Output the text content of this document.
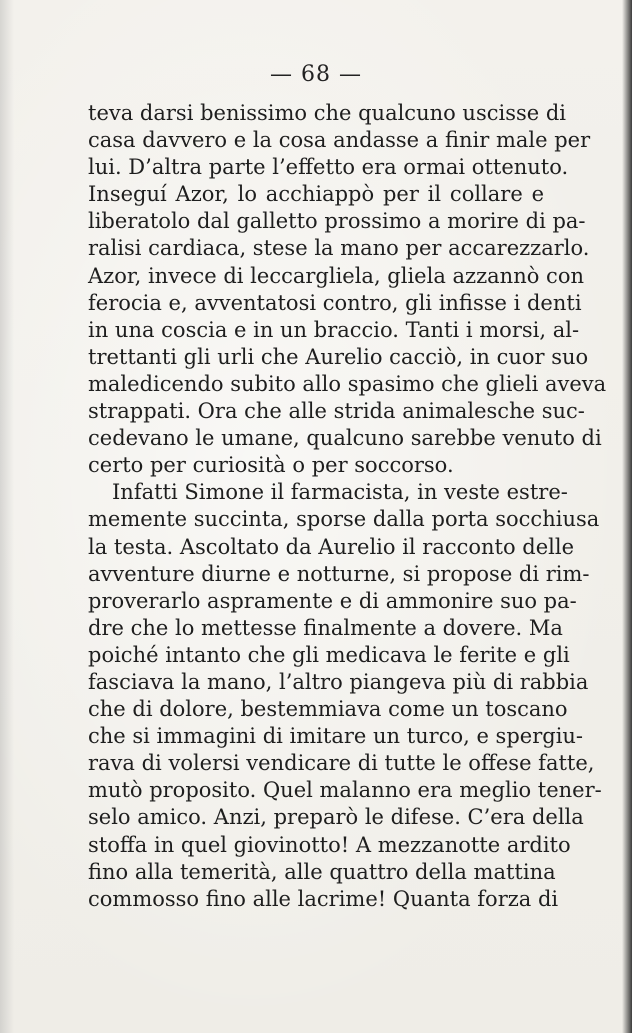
— 68 —
teva darsi benissimo che qualcuno uscisse di
casa davvero e la cosa andasse a finir male per
lui. D’altra parte l’effetto era ormai ottenuto.
Inseguí Azor, lo acchiappò per il collare e
liberatolo dal galletto prossimo a morire di pa-
ralisi cardiaca, stese la mano per accarezzarlo.
Azor, invece di leccargliela, gliela azzannò con
ferocia e, avventatosi contro, gli infisse i denti
in una coscia e in un braccio. Tanti i morsi, al-
trettanti gli urli che Aurelio cacciò, in cuor suo
maledicendo subito allo spasimo che glieli aveva
strappati. Ora che alle strida animalesche suc-
cedevano le umane, qualcuno sarebbe venuto di
certo per curiosità o per soccorso.
Infatti Simone il farmacista, in veste estre-
memente succinta, sporse dalla porta socchiusa
la testa. Ascoltato da Aurelio il racconto delle
avventure diurne e notturne, si propose di rim-
proverarlo aspramente e di ammonire suo pa-
dre che lo mettesse finalmente a dovere. Ma
poiché intanto che gli medicava le ferite e gli
fasciava la mano, l’altro piangeva più di rabbia
che di dolore, bestemmiava come un toscano
che si immagini di imitare un turco, e spergiu-
rava di volersi vendicare di tutte le offese fatte,
mutò proposito. Quel malanno era meglio tener-
selo amico. Anzi, preparò le difese. C’era della
stoffa in quel giovinotto! A mezzanotte ardito
fino alla temerità, alle quattro della mattina
commosso fino alle lacrime! Quanta forza di
